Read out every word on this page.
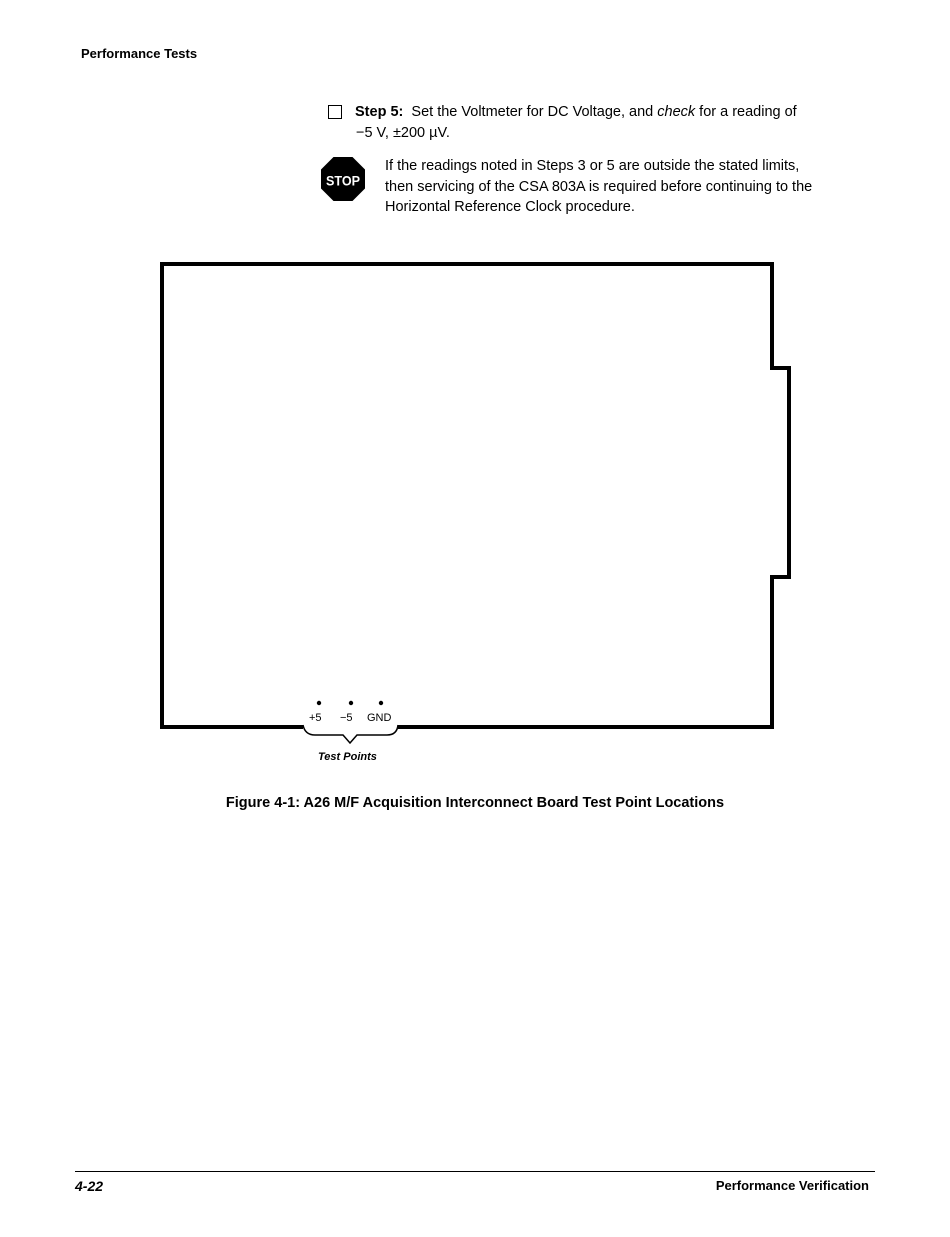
Performance Tests
Step 5: Set the Voltmeter for DC Voltage, and check for a reading of
−5 V, ±200 µV.
STOP
If the readings noted in Steps 3 or 5 are outside the stated limits,
then servicing of the CSA 803A is required before continuing to the
Horizontal Reference Clock procedure.
+5 −5 GND
Test Points
Figure 4-1: A26 M/F Acquisition Interconnect Board Test Point Locations
4-22	Performance Verification
